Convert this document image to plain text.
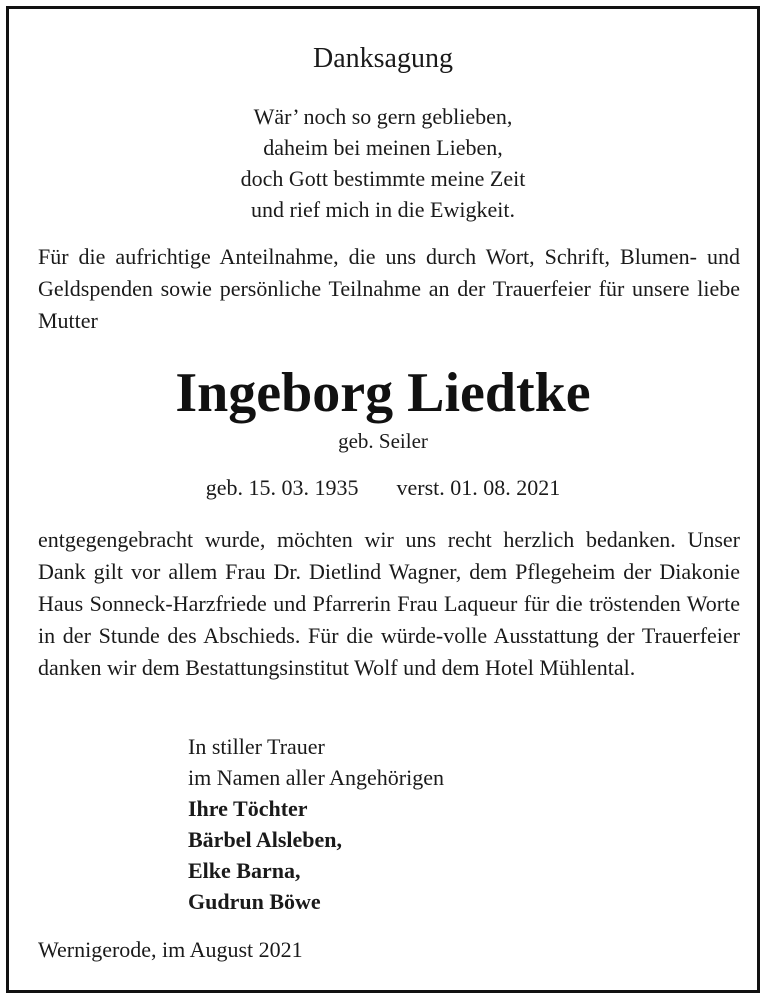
Danksagung
Wär’ noch so gern geblieben,
daheim bei meinen Lieben,
doch Gott bestimmte meine Zeit
und rief mich in die Ewigkeit.
Für die aufrichtige Anteilnahme, die uns durch Wort, Schrift, Blumen- und Geldspenden sowie persönliche Teilnahme an der Trauerfeier für unsere liebe Mutter
Ingeborg Liedtke
geb. Seiler
geb. 15. 03. 1935 verst. 01. 08. 2021
entgegengebracht wurde, möchten wir uns recht herzlich bedanken. Unser Dank gilt vor allem Frau Dr. Dietlind Wagner, dem Pflegeheim der Diakonie Haus Sonneck-Harzfriede und Pfarrerin Frau Laqueur für die tröstenden Worte in der Stunde des Abschieds. Für die würde-volle Ausstattung der Trauerfeier danken wir dem Bestattungsinstitut Wolf und dem Hotel Mühlental.
In stiller Trauer
im Namen aller Angehörigen
Ihre Töchter
Bärbel Alsleben,
Elke Barna,
Gudrun Böwe
Wernigerode, im August 2021
